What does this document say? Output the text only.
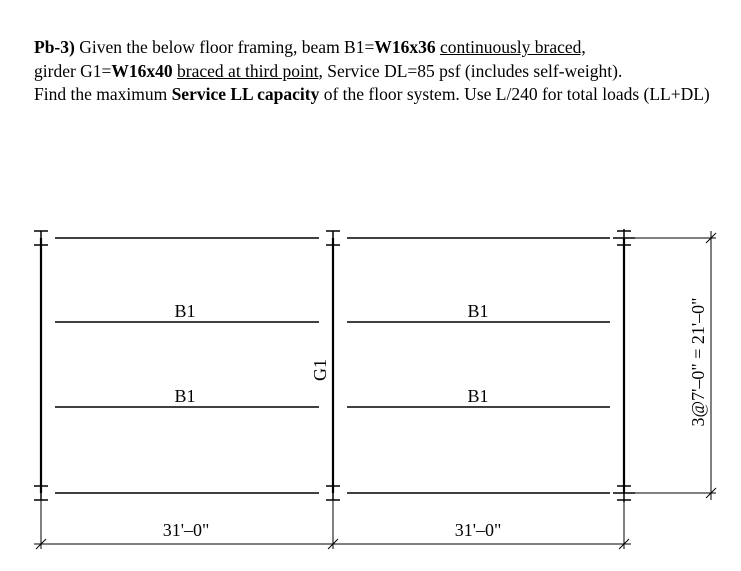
Pb-3) Given the below floor framing, beam B1=W16x36 continuously braced,
girder G1=W16x40 braced at third point, Service DL=85 psf (includes self-weight).

Find the maximum Service LL capacity of the floor system. Use L/240 for total loads (LL+DL)

B1	B1
B1	B1
G1
31'–0"	31'–0"
3@7'–0" = 21'–0"
